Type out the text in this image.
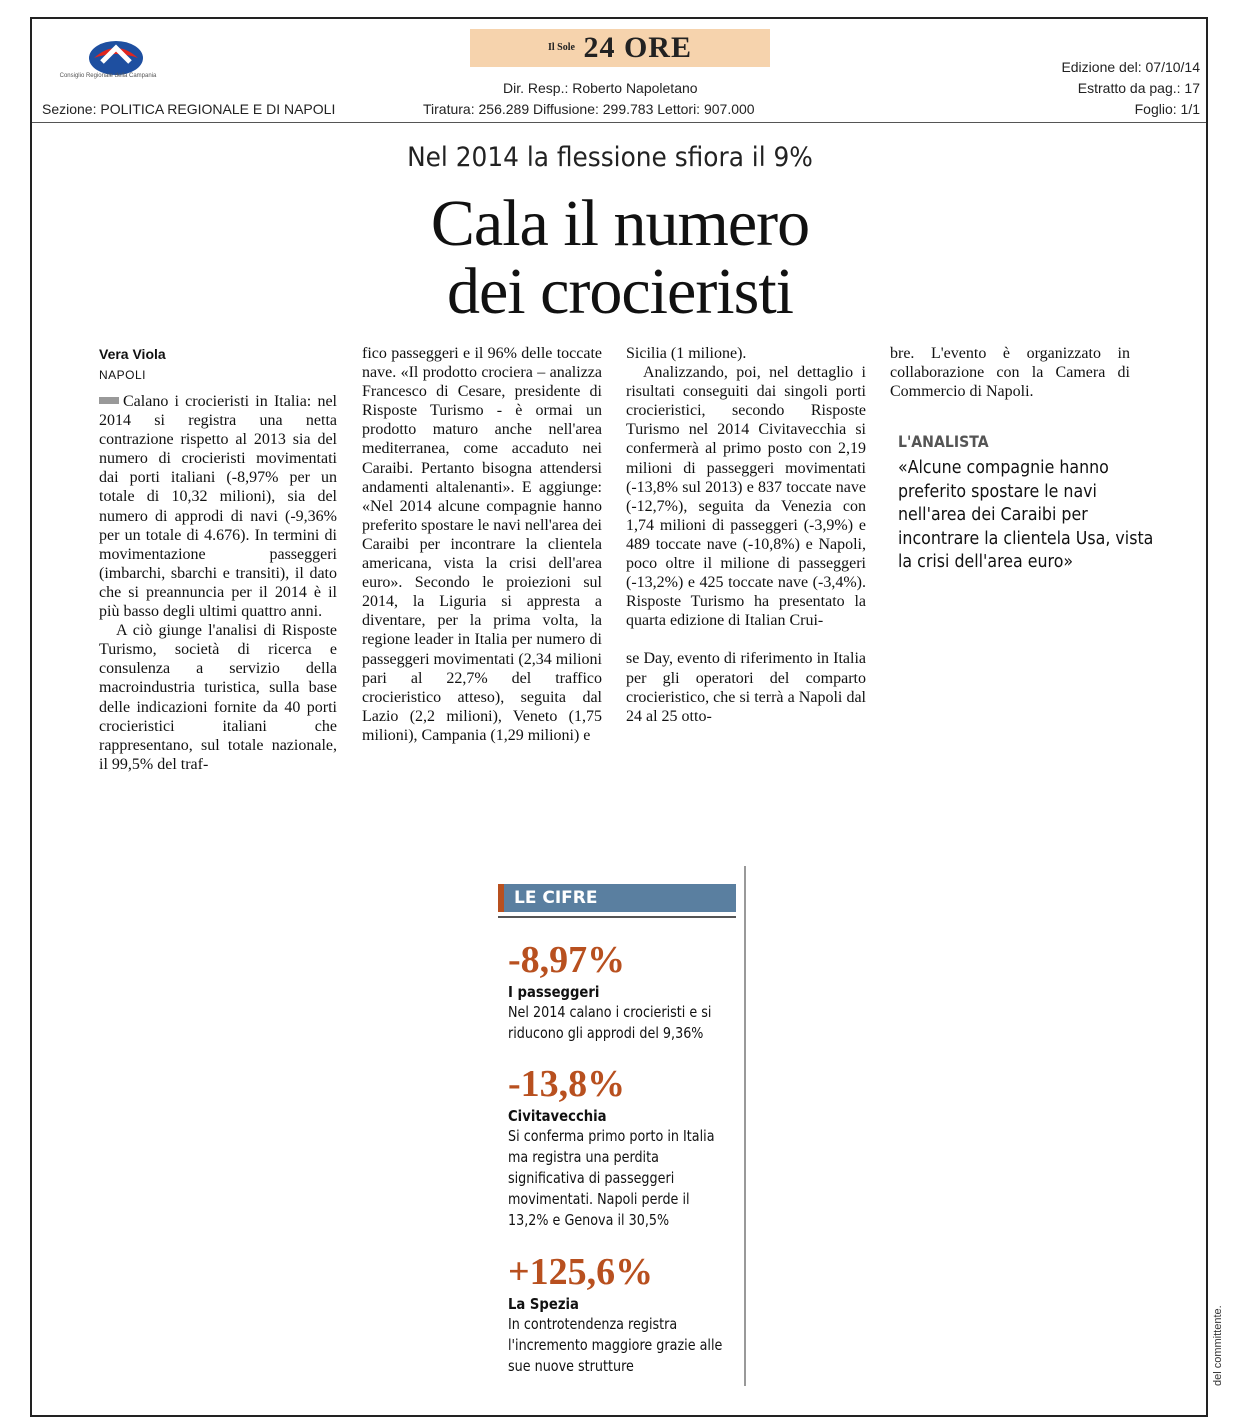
Consiglio Regionale della Campania
$^{Il Sole}$ 24 ORE
Dir. Resp.: Roberto Napoletano
Sezione: POLITICA REGIONALE E DI NAPOLI	Tiratura: 256.289 Diffusione: 299.783 Lettori: 907.000
Edizione del: 07/10/14
Estratto da pag.: 17
Foglio: 1/1
Nel 2014 la flessione sfiora il 9%
Cala il numero
dei crocieristi
Vera Viola
NAPOLI

Calano i crocieristi in Italia: nel 2014 si registra una netta contrazione rispetto al 2013 sia del numero di crocieristi movimentati dai porti italiani (-8,97% per un totale di 10,32 milioni), sia del numero di approdi di navi (-9,36% per un totale di 4.676). In termini di movimentazione passeggeri (imbarchi, sbarchi e transiti), il dato che si preannuncia per il 2014 è il più basso degli ultimi quattro anni.

A ciò giunge l'analisi di Risposte Turismo, società di ricerca e consulenza a servizio della macroindustria turistica, sulla base delle indicazioni fornite da 40 porti crocieristici italiani che rappresentano, sul totale nazionale, il 99,5% del traf-

fico passeggeri e il 96% delle toccate nave. «Il prodotto crociera – analizza Francesco di Cesare, presidente di Risposte Turismo - è ormai un prodotto maturo anche nell'area mediterranea, come accaduto nei Caraibi. Pertanto bisogna attendersi andamenti altalenanti». E aggiunge: «Nel 2014 alcune compagnie hanno preferito spostare le navi nell'area dei Caraibi per incontrare la clientela americana, vista la crisi dell'area euro». Secondo le proiezioni sul 2014, la Liguria si appresta a diventare, per la prima volta, la regione leader in Italia per numero di passeggeri movimentati (2,34 milioni pari al 22,7% del traffico crocieristico atteso), seguita dal Lazio (2,2 milioni), Veneto (1,75 milioni), Campania (1,29 milioni) e

Sicilia (1 milione).

Analizzando, poi, nel dettaglio i risultati conseguiti dai singoli porti crocieristici, secondo Risposte Turismo nel 2014 Civitavecchia si confermerà al primo posto con 2,19 milioni di passeggeri movimentati (-13,8% sul 2013) e 837 toccate nave (-12,7%), seguita da Venezia con 1,74 milioni di passeggeri (-3,9%) e 489 toccate nave (-10,8%) e Napoli, poco oltre il milione di passeggeri (-13,2%) e 425 toccate nave (-3,4%). Risposte Turismo ha presentato la quarta edizione di Italian Crui-

se Day, evento di riferimento in Italia per gli operatori del comparto crocieristico, che si terrà a Napoli dal 24 al 25 otto-

bre. L'evento è organizzato in collaborazione con la Camera di Commercio di Napoli.

L'ANALISTA
«Alcune compagnie hanno preferito spostare le navi nell'area dei Caraibi per incontrare la clientela Usa, vista la crisi dell'area euro»
LE CIFRE
-8,97%
I passeggeri
Nel 2014 calano i crocieristi e si riducono gli approdi del 9,36%
-13,8%
Civitavecchia
Si conferma primo porto in Italia ma registra una perdita significativa di passeggeri movimentati. Napoli perde il 13,2% e Genova il 30,5%
+125,6%
La Spezia
In controtendenza registra l'incremento maggiore grazie alle sue nuove strutture	del committente.
